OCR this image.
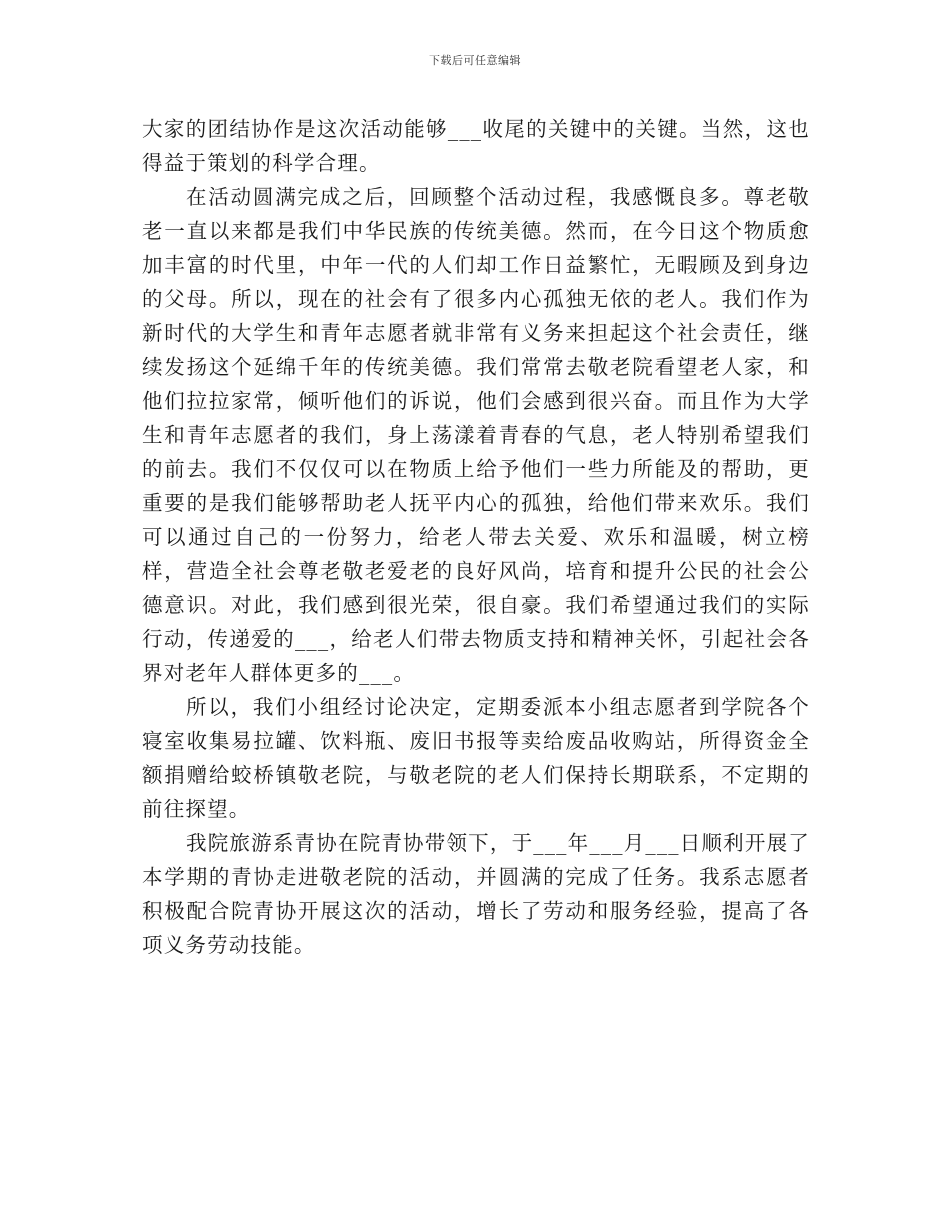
下载后可任意编辑

大家的团结协作是这次活动能够___收尾的关键中的关键。当然，这也得益于策划的科学合理。

在活动圆满完成之后，回顾整个活动过程，我感慨良多。尊老敬老一直以来都是我们中华民族的传统美德。然而，在今日这个物质愈加丰富的时代里，中年一代的人们却工作日益繁忙，无暇顾及到身边的父母。所以，现在的社会有了很多内心孤独无依的老人。我们作为新时代的大学生和青年志愿者就非常有义务来担起这个社会责任，继续发扬这个延绵千年的传统美德。我们常常去敬老院看望老人家，和他们拉拉家常，倾听他们的诉说，他们会感到很兴奋。而且作为大学生和青年志愿者的我们，身上荡漾着青春的气息，老人特别希望我们的前去。我们不仅仅可以在物质上给予他们一些力所能及的帮助，更重要的是我们能够帮助老人抚平内心的孤独，给他们带来欢乐。我们可以通过自己的一份努力，给老人带去关爱、欢乐和温暖，树立榜样，营造全社会尊老敬老爱老的良好风尚，培育和提升公民的社会公德意识。对此，我们感到很光荣，很自豪。我们希望通过我们的实际行动，传递爱的___，给老人们带去物质支持和精神关怀，引起社会各界对老年人群体更多的___。

所以，我们小组经讨论决定，定期委派本小组志愿者到学院各个寝室收集易拉罐、饮料瓶、废旧书报等卖给废品收购站，所得资金全额捐赠给蛟桥镇敬老院，与敬老院的老人们保持长期联系，不定期的前往探望。

我院旅游系青协在院青协带领下，于___年___月___日顺利开展了本学期的青协走进敬老院的活动，并圆满的完成了任务。我系志愿者积极配合院青协开展这次的活动，增长了劳动和服务经验，提高了各项义务劳动技能。
